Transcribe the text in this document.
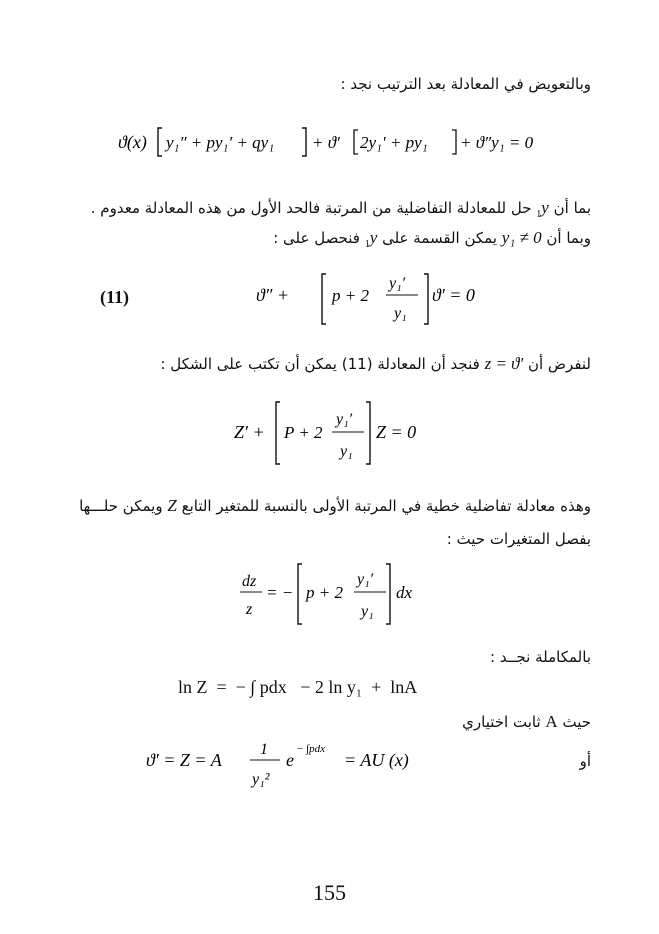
وبالتعويض في المعادلة بعد الترتيب نجد :
ϑ(x) y₁″ + py₁′ + qy₁ + ϑ′ 2y₁′ + py₁ + ϑ″y₁ = 0
بما أن $y_1$ حل للمعادلة التفاضلية من المرتبة فالحد الأول من هذه المعادلة معدوم .
وبما أن y₁ ≠ 0 يمكن القسمة على $y_1$ فنحصل على :
(11)	ϑ″ +	p + 2
y₁′
y₁
ϑ′ = 0
لنفرض أن z = ϑ' فنجد أن المعادلة (11) يمكن أن تكتب على الشكل :
Z′ + P + 2
y₁′
y₁
Z = 0
وهذه معادلة تفاضلية خطية في المرتبة الأولى بالنسبة للمتغير التابع Z ويمكن حلـــها
بفصل المتغيرات حيث :
dz
z
= − p + 2
y₁′
y₁
dx
بالمكاملة نجــد :
ln Z  =  − ∫ pdx   − 2 ln y₁  +  lnA
حيث A ثابت اختياري
أو
ϑ′ = Z = A
1
y₁²
e
− ∫pdx
= AU (x)
155
